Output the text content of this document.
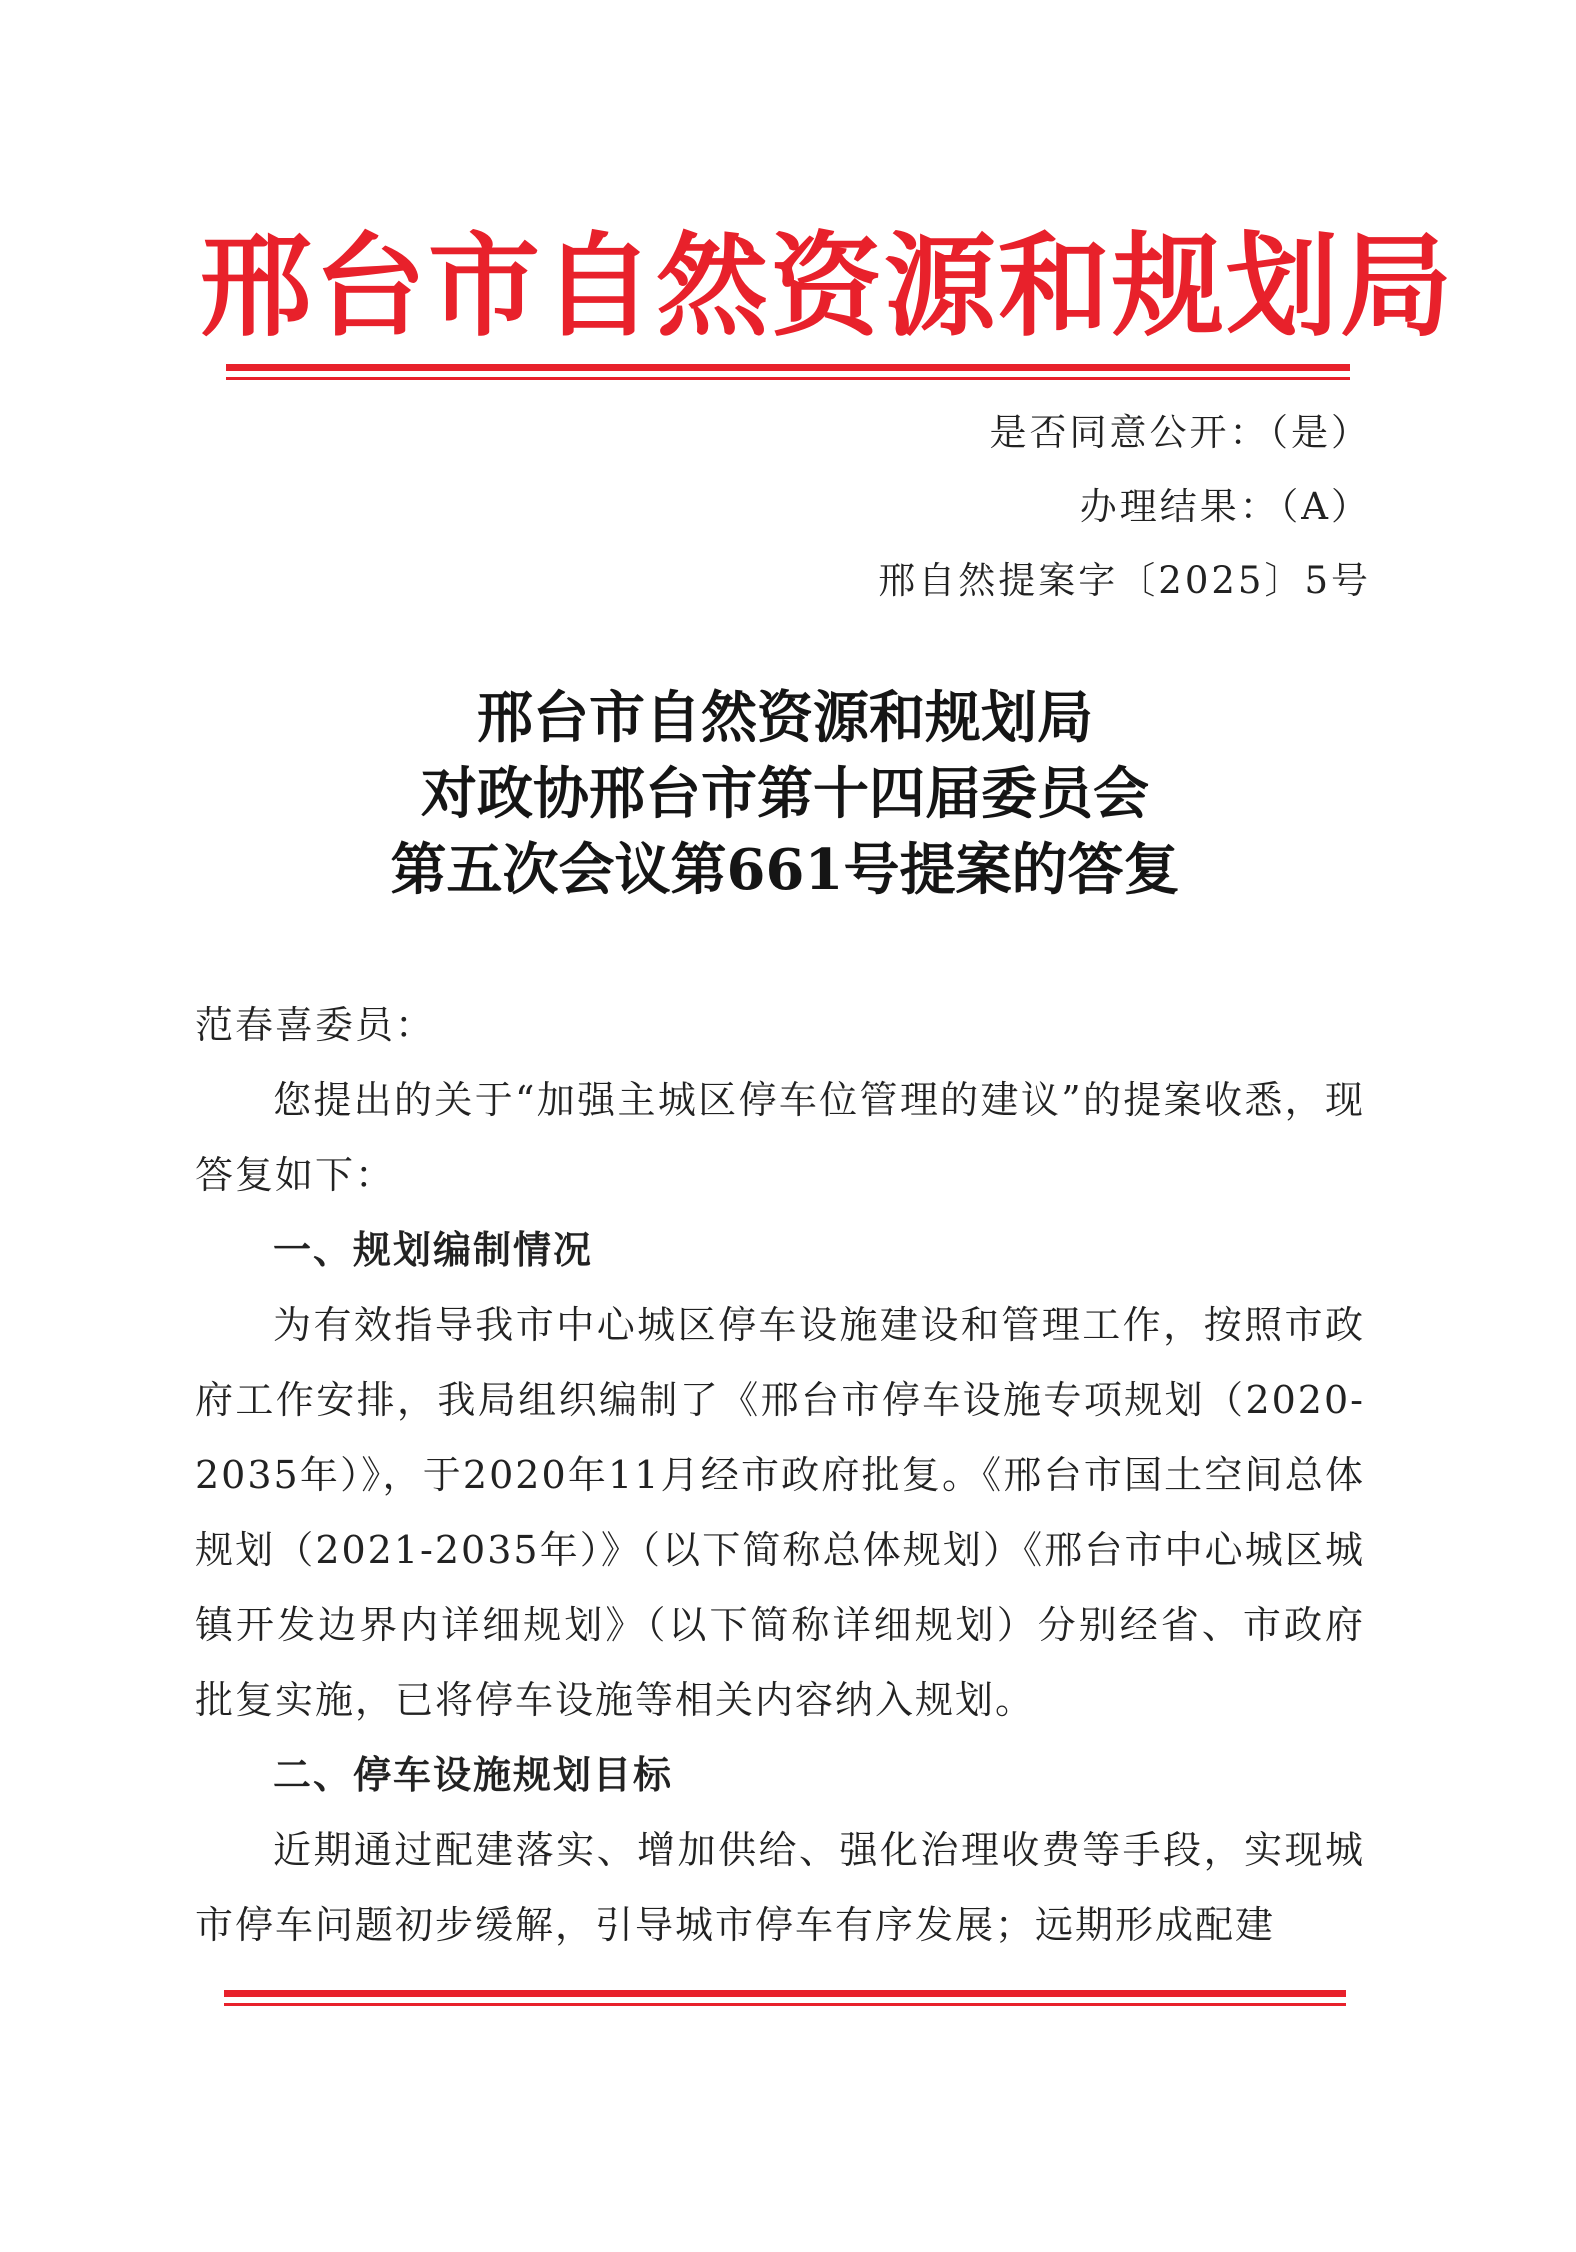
邢台市自然资源和规划局
是否同意公开：（是）
办理结果：（A）
邢自然提案字〔2025〕5号
邢台市自然资源和规划局
对政协邢台市第十四届委员会
第五次会议第661号提案的答复

范春喜委员：

您提出的关于“加强主城区停车位管理的建议”的提案收悉，现答复如下：

一、规划编制情况

为有效指导我市中心城区停车设施建设和管理工作，按照市政府工作安排，我局组织编制了《邢台市停车设施专项规划（2020-2035年）》，于2020年11月经市政府批复。《邢台市国土空间总体规划（2021-2035年）》（以下简称总体规划）《邢台市中心城区城镇开发边界内详细规划》（以下简称详细规划）分别经省、市政府批复实施，已将停车设施等相关内容纳入规划。

二、停车设施规划目标

近期通过配建落实、增加供给、强化治理收费等手段，实现城市停车问题初步缓解，引导城市停车有序发展；远期形成配建
